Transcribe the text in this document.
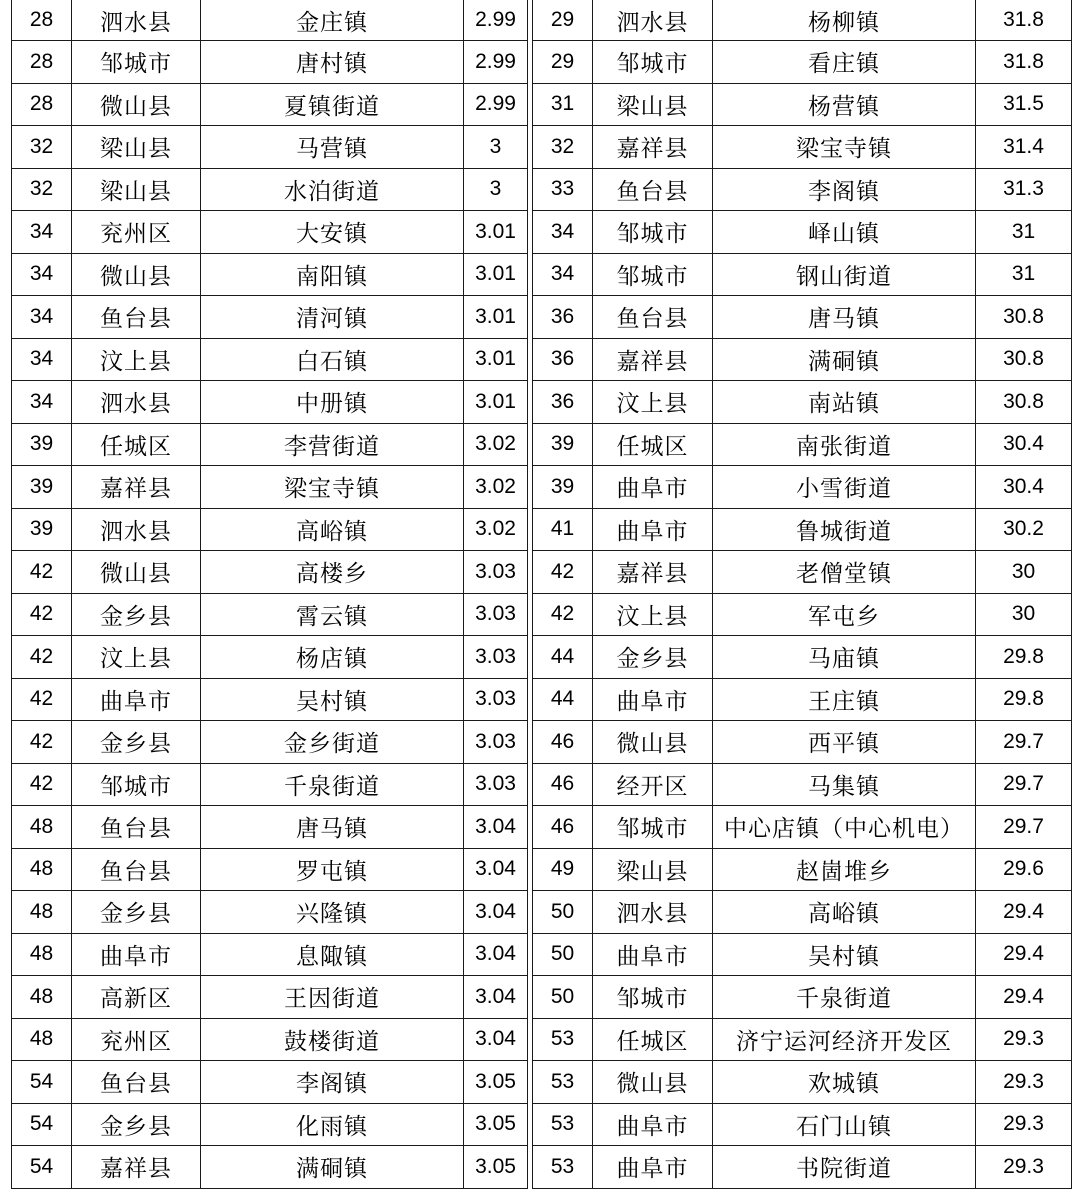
28	泗水县	金庄镇	2.99
28	邹城市	唐村镇	2.99
28	微山县	夏镇街道	2.99
32	梁山县	马营镇	3
32	梁山县	水泊街道	3
34	兖州区	大安镇	3.01
34	微山县	南阳镇	3.01
34	鱼台县	清河镇	3.01
34	汶上县	白石镇	3.01
34	泗水县	中册镇	3.01
39	任城区	李营街道	3.02
39	嘉祥县	梁宝寺镇	3.02
39	泗水县	高峪镇	3.02
42	微山县	高楼乡	3.03
42	金乡县	霄云镇	3.03
42	汶上县	杨店镇	3.03
42	曲阜市	吴村镇	3.03
42	金乡县	金乡街道	3.03
42	邹城市	千泉街道	3.03
48	鱼台县	唐马镇	3.04
48	鱼台县	罗屯镇	3.04
48	金乡县	兴隆镇	3.04
48	曲阜市	息陬镇	3.04
48	高新区	王因街道	3.04
48	兖州区	鼓楼街道	3.04
54	鱼台县	李阁镇	3.05
54	金乡县	化雨镇	3.05
54	嘉祥县	满硐镇	3.05
29	泗水县	杨柳镇	31.8
29	邹城市	看庄镇	31.8
31	梁山县	杨营镇	31.5
32	嘉祥县	梁宝寺镇	31.4
33	鱼台县	李阁镇	31.3
34	邹城市	峄山镇	31
34	邹城市	钢山街道	31
36	鱼台县	唐马镇	30.8
36	嘉祥县	满硐镇	30.8
36	汶上县	南站镇	30.8
39	任城区	南张街道	30.4
39	曲阜市	小雪街道	30.4
41	曲阜市	鲁城街道	30.2
42	嘉祥县	老僧堂镇	30
42	汶上县	军屯乡	30
44	金乡县	马庙镇	29.8
44	曲阜市	王庄镇	29.8
46	微山县	西平镇	29.7
46	经开区	马集镇	29.7
46	邹城市	中心店镇（中心机电）	29.7
49	梁山县	赵崮堆乡	29.6
50	泗水县	高峪镇	29.4
50	曲阜市	吴村镇	29.4
50	邹城市	千泉街道	29.4
53	任城区	济宁运河经济开发区	29.3
53	微山县	欢城镇	29.3
53	曲阜市	石门山镇	29.3
53	曲阜市	书院街道	29.3
